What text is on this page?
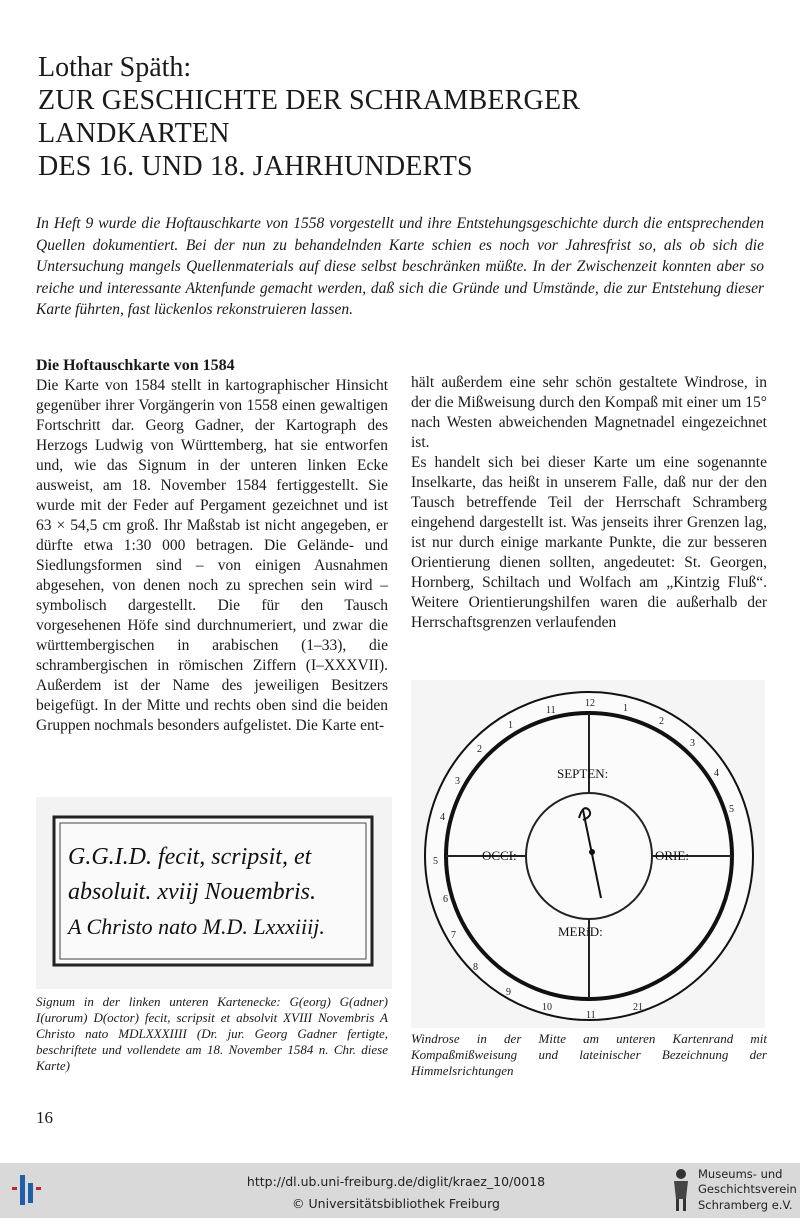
Lothar Späth:
ZUR GESCHICHTE DER SCHRAMBERGER LANDKARTEN
DES 16. UND 18. JAHRHUNDERTS

In Heft 9 wurde die Hoftauschkarte von 1558 vorgestellt und ihre Entstehungsgeschichte durch die entsprechenden Quellen dokumentiert. Bei der nun zu behandelnden Karte schien es noch vor Jahresfrist so, als ob sich die Untersuchung mangels Quellenmaterials auf diese selbst beschränken müßte. In der Zwischenzeit konnten aber so reiche und interessante Aktenfunde gemacht werden, daß sich die Gründe und Umstände, die zur Entstehung dieser Karte führten, fast lückenlos rekonstruieren lassen.

Die Hoftauschkarte von 1584

Die Karte von 1584 stellt in kartographischer Hinsicht gegenüber ihrer Vorgängerin von 1558 einen gewaltigen Fortschritt dar. Georg Gadner, der Kartograph des Herzogs Ludwig von Württemberg, hat sie entworfen und, wie das Signum in der unteren linken Ecke ausweist, am 18. November 1584 fertiggestellt. Sie wurde mit der Feder auf Pergament gezeichnet und ist 63 × 54,5 cm groß. Ihr Maßstab ist nicht angegeben, er dürfte etwa 1:30 000 betragen. Die Gelände- und Siedlungsformen sind – von einigen Ausnahmen abgesehen, von denen noch zu sprechen sein wird – symbolisch dargestellt. Die für den Tausch vorgesehenen Höfe sind durchnumeriert, und zwar die württembergischen in arabischen (1–33), die schrambergischen in römischen Ziffern (I–XXXVII). Außerdem ist der Name des jeweiligen Besitzers beigefügt. In der Mitte und rechts oben sind die beiden Gruppen nochmals besonders aufgelistet. Die Karte ent-

hält außerdem eine sehr schön gestaltete Windrose, in der die Mißweisung durch den Kompaß mit einer um 15° nach Westen abweichenden Magnetnadel eingezeichnet ist.

Es handelt sich bei dieser Karte um eine sogenannte Inselkarte, das heißt in unserem Falle, daß nur der den Tausch betreffende Teil der Herrschaft Schramberg eingehend dargestellt ist. Was jenseits ihrer Grenzen lag, ist nur durch einige markante Punkte, die zur besseren Orientierung dienen sollten, angedeutet: St. Georgen, Hornberg, Schiltach und Wolfach am „Kintzig Fluß“. Weitere Orientierungshilfen waren die außerhalb der Herrschaftsgrenzen verlaufenden

G.G.I.D. fecit, scripsit, et
absoluit. xviij Nouembris.
A Christo nato M.D. Lxxxiiij.

Signum in der linken unteren Kartenecke: G(eorg) G(adner) I(urorum) D(octor) fecit, scripsit et absolvit XVIII Novembris A Christo nato MDLXXXIIII (Dr. jur. Georg Gadner fertigte, beschriftete und vollendete am 18. November 1584 n. Chr. diese Karte)

12	1
2
3
4
5
21
11
10
9
8
7
6
5
4
3
2
1
11
SEPTEN:
OCCI:	ORIE:
MERiD:

Windrose in der Mitte am unteren Kartenrand mit Kompaßmißweisung und lateinischer Bezeichnung der Himmelsrichtungen

16
http://dl.ub.uni-freiburg.de/diglit/kraez_10/0018
© Universitätsbibliothek Freiburg
Museums- und
Geschichtsverein
Schramberg e.V.
